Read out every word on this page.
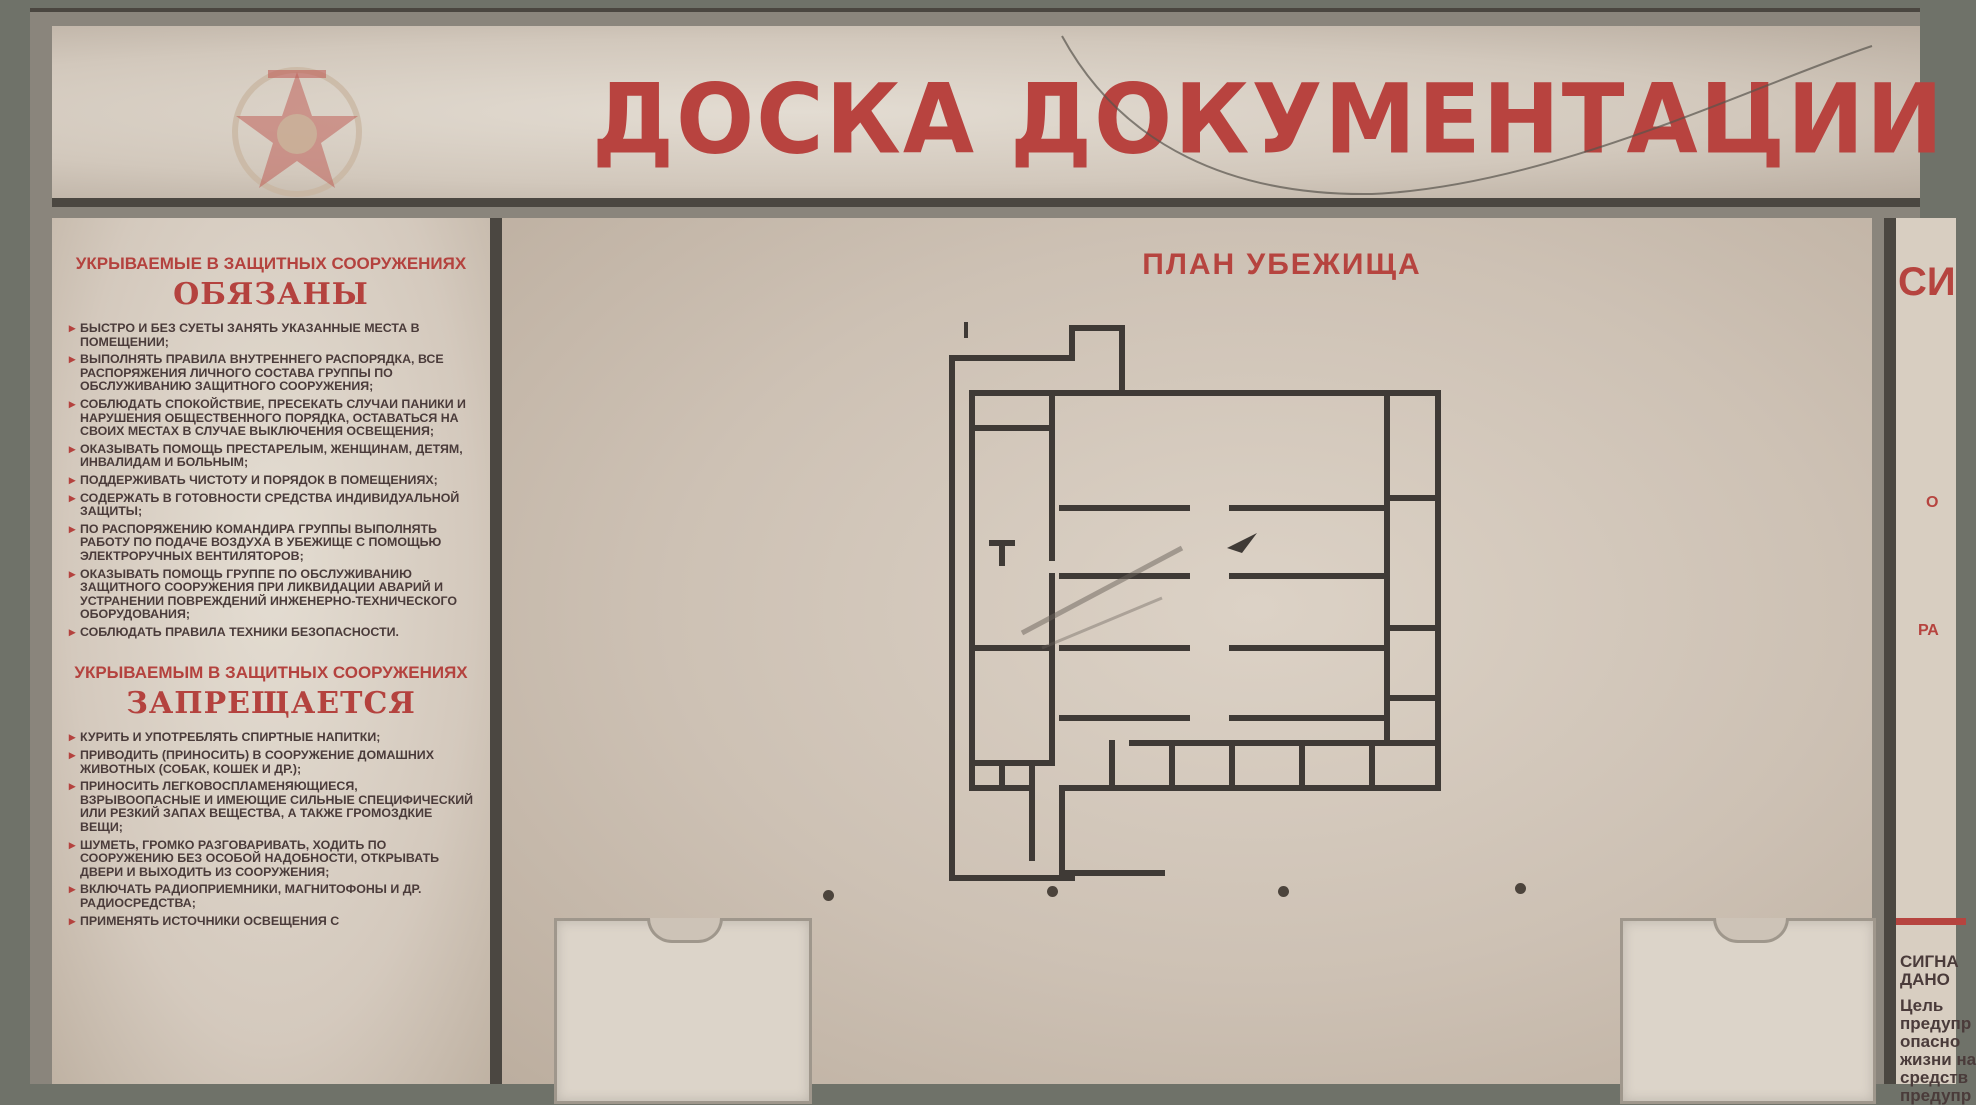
ДОСКА ДОКУМЕНТАЦИИ
УКРЫВАЕМЫЕ В ЗАЩИТНЫХ СООРУЖЕНИЯХ
ОБЯЗАНЫ
▸ БЫСТРО И БЕЗ СУЕТЫ ЗАНЯТЬ УКАЗАННЫЕ МЕСТА В ПОМЕЩЕНИИ;
▸ ВЫПОЛНЯТЬ ПРАВИЛА ВНУТРЕННЕГО РАСПОРЯДКА, ВСЕ РАСПОРЯЖЕНИЯ ЛИЧНОГО СОСТАВА ГРУППЫ ПО ОБСЛУЖИВАНИЮ ЗАЩИТНОГО СООРУЖЕНИЯ;
▸ СОБЛЮДАТЬ СПОКОЙСТВИЕ, ПРЕСЕКАТЬ СЛУЧАИ ПАНИКИ И НАРУШЕНИЯ ОБЩЕСТВЕННОГО ПОРЯДКА, ОСТАВАТЬСЯ НА СВОИХ МЕСТАХ В СЛУЧАЕ ВЫКЛЮЧЕНИЯ ОСВЕЩЕНИЯ;
▸ ОКАЗЫВАТЬ ПОМОЩЬ ПРЕСТАРЕЛЫМ, ЖЕНЩИНАМ, ДЕТЯМ, ИНВАЛИДАМ И БОЛЬНЫМ;
▸ ПОДДЕРЖИВАТЬ ЧИСТОТУ И ПОРЯДОК В ПОМЕЩЕНИЯХ;
▸ СОДЕРЖАТЬ В ГОТОВНОСТИ СРЕДСТВА ИНДИВИДУАЛЬНОЙ ЗАЩИТЫ;
▸ ПО РАСПОРЯЖЕНИЮ КОМАНДИРА ГРУППЫ ВЫПОЛНЯТЬ РАБОТУ ПО ПОДАЧЕ ВОЗДУХА В УБЕЖИЩЕ С ПОМОЩЬЮ ЭЛЕКТРОРУЧНЫХ ВЕНТИЛЯТОРОВ;
▸ ОКАЗЫВАТЬ ПОМОЩЬ ГРУППЕ ПО ОБСЛУЖИВАНИЮ ЗАЩИТНОГО СООРУЖЕНИЯ ПРИ ЛИКВИДАЦИИ АВАРИЙ И УСТРАНЕНИИ ПОВРЕЖДЕНИЙ ИНЖЕНЕРНО-ТЕХНИЧЕСКОГО ОБОРУДОВАНИЯ;
▸ СОБЛЮДАТЬ ПРАВИЛА ТЕХНИКИ БЕЗОПАСНОСТИ.
УКРЫВАЕМЫМ В ЗАЩИТНЫХ СООРУЖЕНИЯХ
ЗАПРЕЩАЕТСЯ
▸ КУРИТЬ И УПОТРЕБЛЯТЬ СПИРТНЫЕ НАПИТКИ;
▸ ПРИВОДИТЬ (ПРИНОСИТЬ) В СООРУЖЕНИЕ ДОМАШНИХ ЖИВОТНЫХ (СОБАК, КОШЕК И ДР.);
▸ ПРИНОСИТЬ ЛЕГКОВОСПЛАМЕНЯЮЩИЕСЯ, ВЗРЫВООПАСНЫЕ И ИМЕЮЩИЕ СИЛЬНЫЕ СПЕЦИФИЧЕСКИЙ ИЛИ РЕЗКИЙ ЗАПАХ ВЕЩЕСТВА, А ТАКЖЕ ГРОМОЗДКИЕ ВЕЩИ;
▸ ШУМЕТЬ, ГРОМКО РАЗГОВАРИВАТЬ, ХОДИТЬ ПО СООРУЖЕНИЮ БЕЗ ОСОБОЙ НАДОБНОСТИ, ОТКРЫВАТЬ ДВЕРИ И ВЫХОДИТЬ ИЗ СООРУЖЕНИЯ;
▸ ВКЛЮЧАТЬ РАДИОПРИЕМНИКИ, МАГНИТОФОНЫ И ДР. РАДИОСРЕДСТВА;
▸ ПРИМЕНЯТЬ ИСТОЧНИКИ ОСВЕЩЕНИЯ С
ПЛАН УБЕЖИЩА	СИ
О
РА
СИГНА
ДАНО
Цель
предупр
опасно
жизни на
средств
предупр
